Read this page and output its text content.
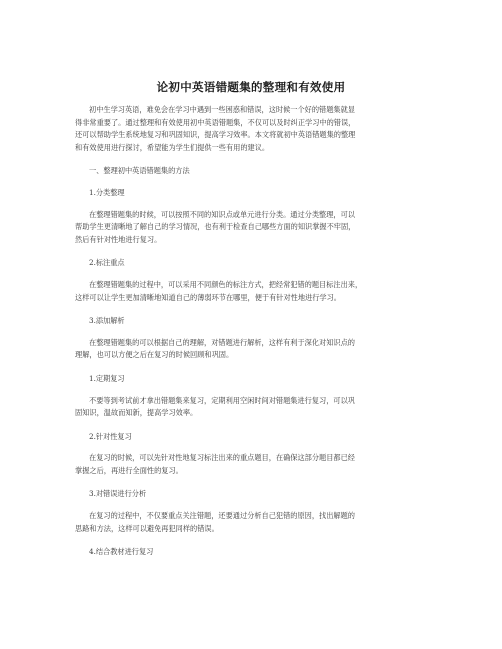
论初中英语错题集的整理和有效使用
初中生学习英语，难免会在学习中遇到一些困惑和错误，这时候一个好的错题集就显
得非常重要了。通过整理和有效使用初中英语错题集，不仅可以及时纠正学习中的错误，
还可以帮助学生系统地复习和巩固知识，提高学习效率。本文将就初中英语错题集的整理
和有效使用进行探讨，希望能为学生们提供一些有用的建议。
一、整理初中英语错题集的方法
1.分类整理
在整理错题集的时候，可以按照不同的知识点或单元进行分类。通过分类整理，可以
帮助学生更清晰地了解自己的学习情况，也有利于检查自己哪些方面的知识掌握不牢固，
然后有针对性地进行复习。
2.标注重点
在整理错题集的过程中，可以采用不同颜色的标注方式，把经常犯错的题目标注出来，
这样可以让学生更加清晰地知道自己的薄弱环节在哪里，便于有针对性地进行学习。
3.添加解析
在整理错题集的可以根据自己的理解，对错题进行解析，这样有利于深化对知识点的
理解，也可以方便之后在复习的时候回顾和巩固。
1.定期复习
不要等到考试前才拿出错题集来复习，定期利用空闲时间对错题集进行复习，可以巩
固知识，温故而知新，提高学习效率。
2.针对性复习
在复习的时候，可以先针对性地复习标注出来的重点题目，在确保这部分题目都已经
掌握之后，再进行全面性的复习。
3.对错误进行分析
在复习的过程中，不仅要重点关注错题，还要通过分析自己犯错的原因，找出解题的
思路和方法，这样可以避免再犯同样的错误。
4.结合教材进行复习
